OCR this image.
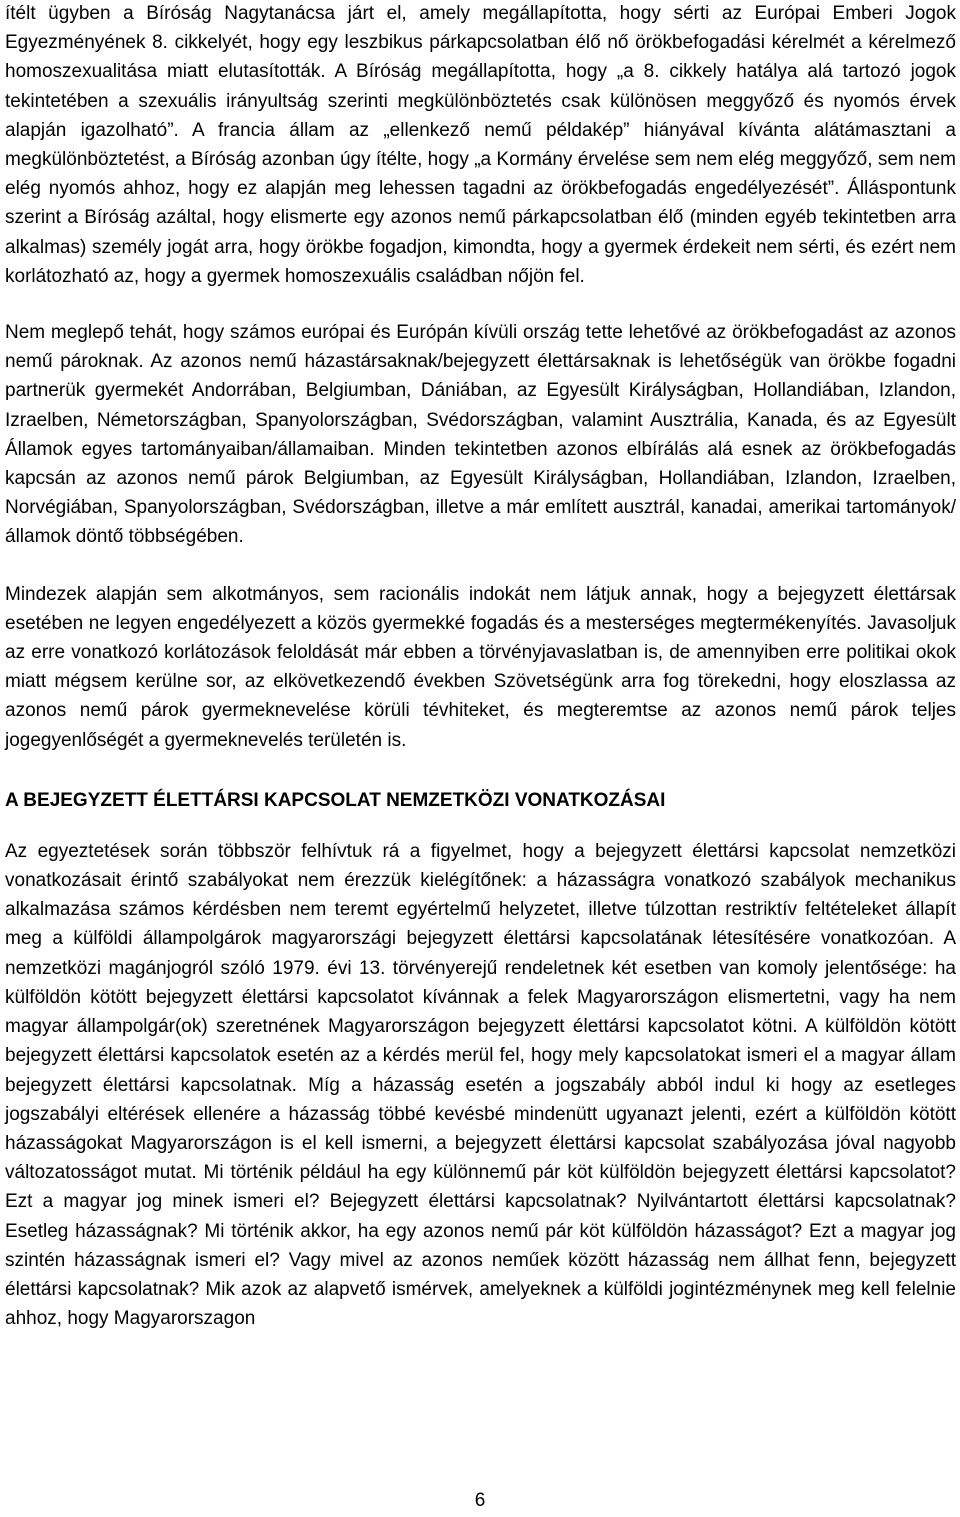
ítélt ügyben a Bíróság Nagytanácsa járt el, amely megállapította, hogy sérti az Európai Emberi Jogok Egyezményének 8. cikkelyét, hogy egy leszbikus párkapcsolatban élő nő örökbefogadási kérelmét a kérelmező homoszexualitása miatt elutasították. A Bíróság megállapította, hogy „a 8. cikkely hatálya alá tartozó jogok tekintetében a szexuális irányultság szerinti megkülönböztetés csak különösen meggyőző és nyomós érvek alapján igazolható”. A francia állam az „ellenkező nemű példakép” hiányával kívánta alátámasztani a megkülönböztetést, a Bíróság azonban úgy ítélte, hogy „a Kormány érvelése sem nem elég meggyőző, sem nem elég nyomós ahhoz, hogy ez alapján meg lehessen tagadni az örökbefogadás engedélyezését”. Álláspontunk szerint a Bíróság azáltal, hogy elismerte egy azonos nemű párkapcsolatban élő (minden egyéb tekintetben arra alkalmas) személy jogát arra, hogy örökbe fogadjon, kimondta, hogy a gyermek érdekeit nem sérti, és ezért nem korlátozható az, hogy a gyermek homoszexuális családban nőjön fel.

Nem meglepő tehát, hogy számos európai és Európán kívüli ország tette lehetővé az örökbefogadást az azonos nemű pároknak. Az azonos nemű házastársaknak/bejegyzett élettársaknak is lehetőségük van örökbe fogadni partnerük gyermekét Andorrában, Belgiumban, Dániában, az Egyesült Királyságban, Hollandiában, Izlandon, Izraelben, Németországban, Spanyolországban, Svédországban, valamint Ausztrália, Kanada, és az Egyesült Államok egyes tartományaiban/államaiban. Minden tekintetben azonos elbírálás alá esnek az örökbefogadás kapcsán az azonos nemű párok Belgiumban, az Egyesült Királyságban, Hollandiában, Izlandon, Izraelben, Norvégiában, Spanyolországban, Svédországban, illetve a már említett ausztrál, kanadai, amerikai tartományok/államok döntő többségében.

Mindezek alapján sem alkotmányos, sem racionális indokát nem látjuk annak, hogy a bejegyzett élettársak esetében ne legyen engedélyezett a közös gyermekké fogadás és a mesterséges megtermékenyítés. Javasoljuk az erre vonatkozó korlátozások feloldását már ebben a törvényjavaslatban is, de amennyiben erre politikai okok miatt mégsem kerülne sor, az elkövetkezendő években Szövetségünk arra fog törekedni, hogy eloszlassa az azonos nemű párok gyermeknevelése körüli tévhiteket, és megteremtse az azonos nemű párok teljes jogegyenlőségét a gyermeknevelés területén is.

A BEJEGYZETT ÉLETTÁRSI KAPCSOLAT NEMZETKÖZI VONATKOZÁSAI

Az egyeztetések során többször felhívtuk rá a figyelmet, hogy a bejegyzett élettársi kapcsolat nemzetközi vonatkozásait érintő szabályokat nem érezzük kielégítőnek: a házasságra vonatkozó szabályok mechanikus alkalmazása számos kérdésben nem teremt egyértelmű helyzetet, illetve túlzottan restriktív feltételeket állapít meg a külföldi állampolgárok magyarországi bejegyzett élettársi kapcsolatának létesítésére vonatkozóan. A nemzetközi magánjogról szóló 1979. évi 13. törvényerejű rendeletnek két esetben van komoly jelentősége: ha külföldön kötött bejegyzett élettársi kapcsolatot kívánnak a felek Magyarországon elismertetni, vagy ha nem magyar állampolgár(ok) szeretnének Magyarországon bejegyzett élettársi kapcsolatot kötni. A külföldön kötött bejegyzett élettársi kapcsolatok esetén az a kérdés merül fel, hogy mely kapcsolatokat ismeri el a magyar állam bejegyzett élettársi kapcsolatnak. Míg a házasság esetén a jogszabály abból indul ki hogy az esetleges jogszabályi eltérések ellenére a házasság többé kevésbé mindenütt ugyanazt jelenti, ezért a külföldön kötött házasságokat Magyarországon is el kell ismerni, a bejegyzett élettársi kapcsolat szabályozása jóval nagyobb változatosságot mutat. Mi történik például ha egy különnemű pár köt külföldön bejegyzett élettársi kapcsolatot? Ezt a magyar jog minek ismeri el? Bejegyzett élettársi kapcsolatnak? Nyilvántartott élettársi kapcsolatnak? Esetleg házasságnak? Mi történik akkor, ha egy azonos nemű pár köt külföldön házasságot? Ezt a magyar jog szintén házasságnak ismeri el? Vagy mivel az azonos neműek között házasság nem állhat fenn, bejegyzett élettársi kapcsolatnak? Mik azok az alapvető ismérvek, amelyeknek a külföldi jogintézménynek meg kell felelnie ahhoz, hogy Magyarorszagon

6
